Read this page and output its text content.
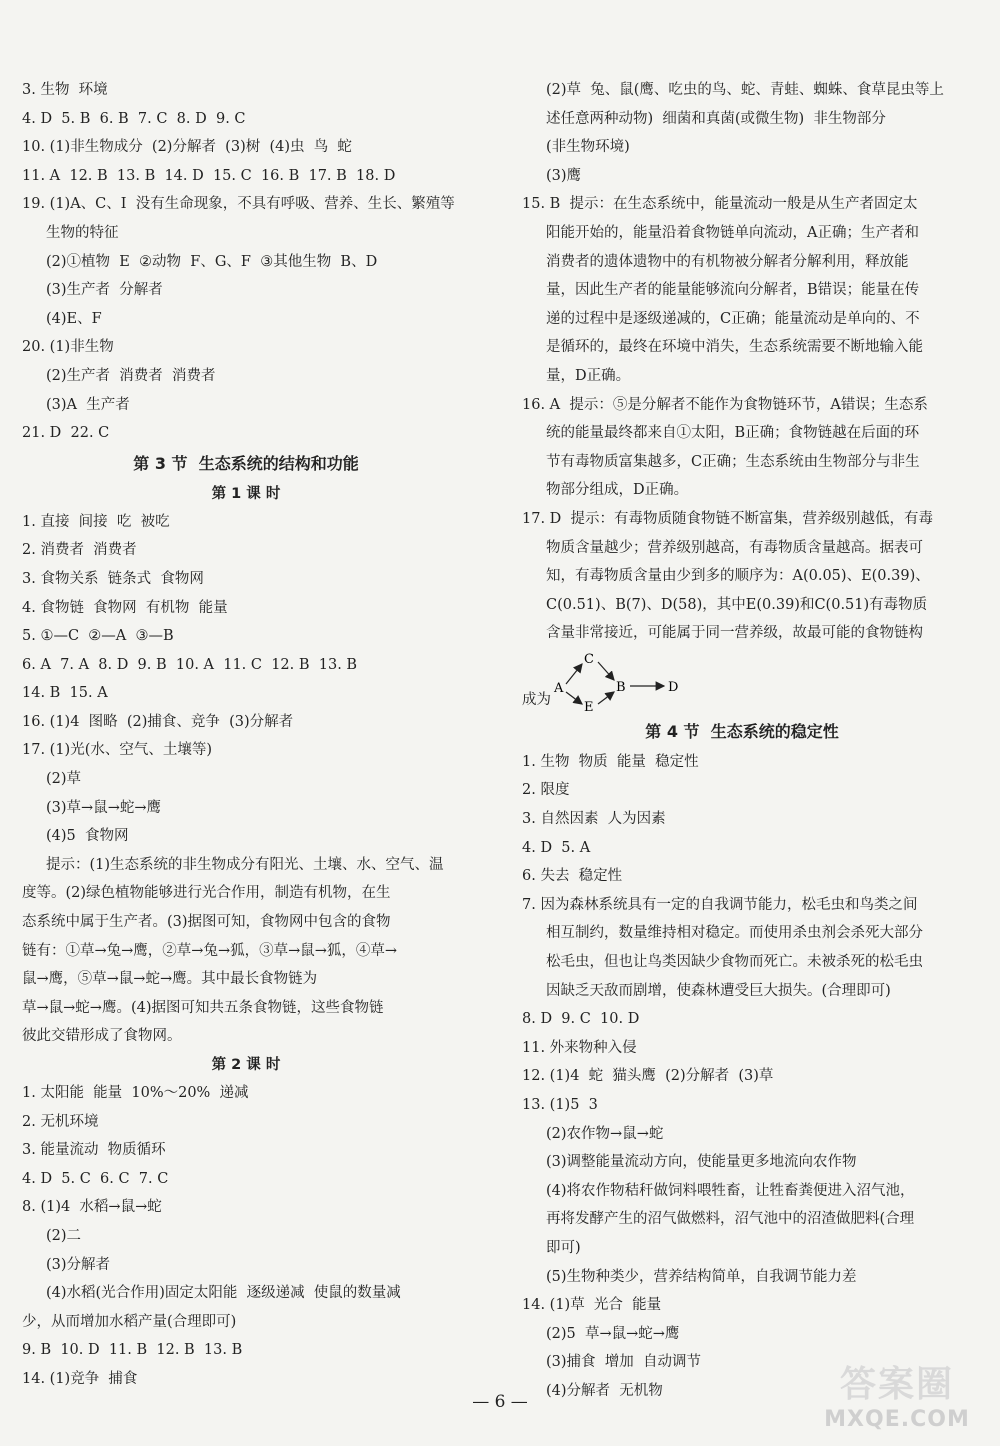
3. 生物  环境
4. D  5. B  6. B  7. C  8. D  9. C
10. (1)非生物成分  (2)分解者  (3)树  (4)虫  鸟  蛇
11. A  12. B  13. B  14. D  15. C  16. B  17. B  18. D
19. (1)A、C、I  没有生命现象，不具有呼吸、营养、生长、繁殖等
生物的特征
(2)①植物  E  ②动物  F、G、F  ③其他生物  B、D
(3)生产者  分解者
(4)E、F
20. (1)非生物
(2)生产者  消费者  消费者
(3)A  生产者
21. D  22. C
第 3 节  生态系统的结构和功能
第 1 课 时
1. 直接  间接  吃  被吃
2. 消费者  消费者
3. 食物关系  链条式  食物网
4. 食物链  食物网  有机物  能量
5. ①—C  ②—A  ③—B
6. A  7. A  8. D  9. B  10. A  11. C  12. B  13. B
14. B  15. A
16. (1)4  图略  (2)捕食、竞争  (3)分解者
17. (1)光(水、空气、土壤等)
(2)草
(3)草→鼠→蛇→鹰
(4)5  食物网
提示：(1)生态系统的非生物成分有阳光、土壤、水、空气、温
度等。(2)绿色植物能够进行光合作用，制造有机物，在生
态系统中属于生产者。(3)据图可知，食物网中包含的食物
链有：①草→兔→鹰，②草→兔→狐，③草→鼠→狐，④草→
鼠→鹰，⑤草→鼠→蛇→鹰。其中最长食物链为
草→鼠→蛇→鹰。(4)据图可知共五条食物链，这些食物链
彼此交错形成了食物网。
第 2 课 时
1. 太阳能  能量  10%～20%  递减
2. 无机环境
3. 能量流动  物质循环
4. D  5. C  6. C  7. C
8. (1)4  水稻→鼠→蛇
(2)二
(3)分解者
(4)水稻(光合作用)固定太阳能  逐级递减  使鼠的数量减
少，从而增加水稻产量(合理即可)
9. B  10. D  11. B  12. B  13. B
14. (1)竞争  捕食
(2)草  兔、鼠(鹰、吃虫的鸟、蛇、青蛙、蜘蛛、食草昆虫等上
述任意两种动物)  细菌和真菌(或微生物)  非生物部分
(非生物环境)
(3)鹰
15. B  提示：在生态系统中，能量流动一般是从生产者固定太
阳能开始的，能量沿着食物链单向流动，A正确；生产者和
消费者的遗体遗物中的有机物被分解者分解利用，释放能
量，因此生产者的能量能够流向分解者，B错误；能量在传
递的过程中是逐级递减的，C正确；能量流动是单向的、不
是循环的，最终在环境中消失，生态系统需要不断地输入能
量，D正确。
16. A  提示：⑤是分解者不能作为食物链环节，A错误；生态系
统的能量最终都来自①太阳，B正确；食物链越在后面的环
节有毒物质富集越多，C正确；生态系统由生物部分与非生
物部分组成，D正确。
17. D  提示：有毒物质随食物链不断富集，营养级别越低，有毒
物质含量越少；营养级别越高，有毒物质含量越高。据表可
知，有毒物质含量由少到多的顺序为：A(0.05)、E(0.39)、
C(0.51)、B(7)、D(58)，其中E(0.39)和C(0.51)有毒物质
含量非常接近，可能属于同一营养级，故最可能的食物链构
成为
A
C
B
E
D
第 4 节  生态系统的稳定性
1. 生物  物质  能量  稳定性
2. 限度
3. 自然因素  人为因素
4. D  5. A
6. 失去  稳定性
7. 因为森林系统具有一定的自我调节能力，松毛虫和鸟类之间
相互制约，数量维持相对稳定。而使用杀虫剂会杀死大部分
松毛虫，但也让鸟类因缺少食物而死亡。未被杀死的松毛虫
因缺乏天敌而剧增，使森林遭受巨大损失。(合理即可)
8. D  9. C  10. D
11. 外来物种入侵
12. (1)4  蛇  猫头鹰  (2)分解者  (3)草
13. (1)5  3
(2)农作物→鼠→蛇
(3)调整能量流动方向，使能量更多地流向农作物
(4)将农作物秸秆做饲料喂牲畜，让牲畜粪便进入沼气池，
再将发酵产生的沼气做燃料，沼气池中的沼渣做肥料(合理
即可)
(5)生物种类少，营养结构简单，自我调节能力差
14. (1)草  光合  能量
(2)5  草→鼠→蛇→鹰
(3)捕食  增加  自动调节
(4)分解者  无机物
— 6 —	答案圈
MXQE.COM
